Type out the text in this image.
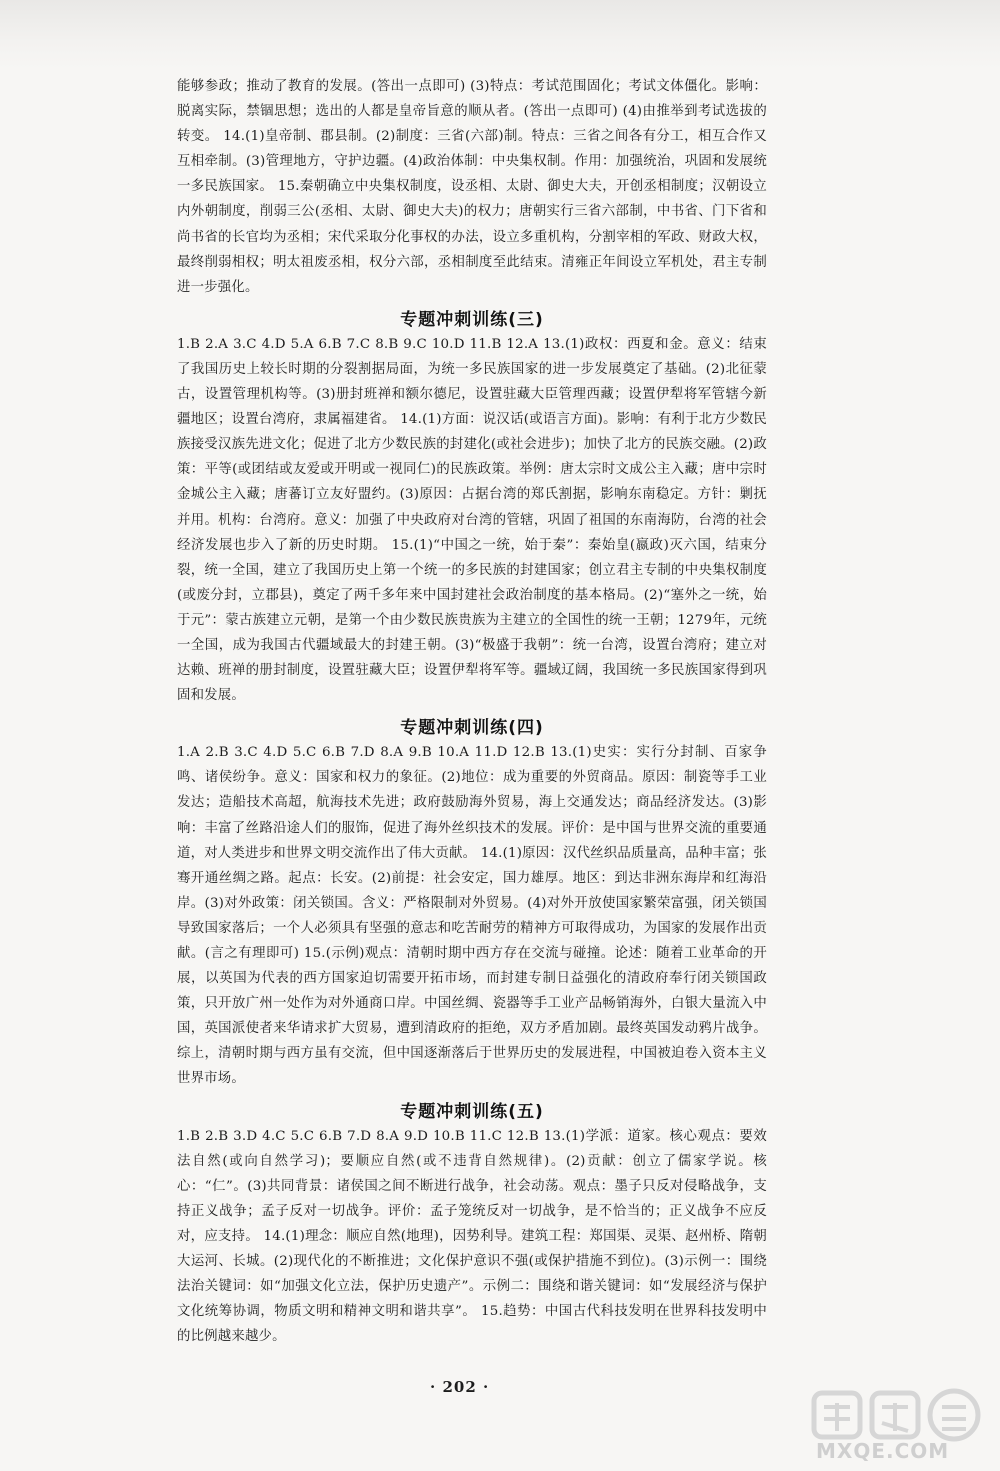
能够参政；推动了教育的发展。(答出一点即可) (3)特点：考试范围固化；考试文体僵化。影响：脱离实际，禁锢思想；选出的人都是皇帝旨意的顺从者。(答出一点即可) (4)由推举到考试选拔的转变。 14.(1)皇帝制、郡县制。(2)制度：三省(六部)制。特点：三省之间各有分工，相互合作又互相牵制。(3)管理地方，守护边疆。(4)政治体制：中央集权制。作用：加强统治，巩固和发展统一多民族国家。 15.秦朝确立中央集权制度，设丞相、太尉、御史大夫，开创丞相制度；汉朝设立内外朝制度，削弱三公(丞相、太尉、御史大夫)的权力；唐朝实行三省六部制，中书省、门下省和尚书省的长官均为丞相；宋代采取分化事权的办法，设立多重机构，分割宰相的军政、财政大权，最终削弱相权；明太祖废丞相，权分六部，丞相制度至此结束。清雍正年间设立军机处，君主专制进一步强化。

专题冲刺训练(三)

1.B 2.A 3.C 4.D 5.A 6.B 7.C 8.B 9.C 10.D 11.B 12.A 13.(1)政权：西夏和金。意义：结束了我国历史上较长时期的分裂割据局面，为统一多民族国家的进一步发展奠定了基础。(2)北征蒙古，设置管理机构等。(3)册封班禅和额尔德尼，设置驻藏大臣管理西藏；设置伊犁将军管辖今新疆地区；设置台湾府，隶属福建省。 14.(1)方面：说汉话(或语言方面)。影响：有利于北方少数民族接受汉族先进文化；促进了北方少数民族的封建化(或社会进步)；加快了北方的民族交融。(2)政策：平等(或团结或友爱或开明或一视同仁)的民族政策。举例：唐太宗时文成公主入藏；唐中宗时金城公主入藏；唐蕃订立友好盟约。(3)原因：占据台湾的郑氏割据，影响东南稳定。方针：剿抚并用。机构：台湾府。意义：加强了中央政府对台湾的管辖，巩固了祖国的东南海防，台湾的社会经济发展也步入了新的历史时期。 15.(1)“中国之一统，始于秦”：秦始皇(嬴政)灭六国，结束分裂，统一全国，建立了我国历史上第一个统一的多民族的封建国家；创立君主专制的中央集权制度(或废分封，立郡县)，奠定了两千多年来中国封建社会政治制度的基本格局。(2)“塞外之一统，始于元”：蒙古族建立元朝，是第一个由少数民族贵族为主建立的全国性的统一王朝；1279年，元统一全国，成为我国古代疆域最大的封建王朝。(3)“极盛于我朝”：统一台湾，设置台湾府；建立对达赖、班禅的册封制度，设置驻藏大臣；设置伊犁将军等。疆域辽阔，我国统一多民族国家得到巩固和发展。

专题冲刺训练(四)

1.A 2.B 3.C 4.D 5.C 6.B 7.D 8.A 9.B 10.A 11.D 12.B 13.(1)史实：实行分封制、百家争鸣、诸侯纷争。意义：国家和权力的象征。(2)地位：成为重要的外贸商品。原因：制瓷等手工业发达；造船技术高超，航海技术先进；政府鼓励海外贸易，海上交通发达；商品经济发达。(3)影响：丰富了丝路沿途人们的服饰，促进了海外丝织技术的发展。评价：是中国与世界交流的重要通道，对人类进步和世界文明交流作出了伟大贡献。 14.(1)原因：汉代丝织品质量高，品种丰富；张骞开通丝绸之路。起点：长安。(2)前提：社会安定，国力雄厚。地区：到达非洲东海岸和红海沿岸。(3)对外政策：闭关锁国。含义：严格限制对外贸易。(4)对外开放使国家繁荣富强，闭关锁国导致国家落后；一个人必须具有坚强的意志和吃苦耐劳的精神方可取得成功，为国家的发展作出贡献。(言之有理即可) 15.(示例)观点：清朝时期中西方存在交流与碰撞。论述：随着工业革命的开展，以英国为代表的西方国家迫切需要开拓市场，而封建专制日益强化的清政府奉行闭关锁国政策，只开放广州一处作为对外通商口岸。中国丝绸、瓷器等手工业产品畅销海外，白银大量流入中国，英国派使者来华请求扩大贸易，遭到清政府的拒绝，双方矛盾加剧。最终英国发动鸦片战争。综上，清朝时期与西方虽有交流，但中国逐渐落后于世界历史的发展进程，中国被迫卷入资本主义世界市场。

专题冲刺训练(五)

1.B 2.B 3.D 4.C 5.C 6.B 7.D 8.A 9.D 10.B 11.C 12.B 13.(1)学派：道家。核心观点：要效法自然(或向自然学习)；要顺应自然(或不违背自然规律)。(2)贡献：创立了儒家学说。核心：“仁”。(3)共同背景：诸侯国之间不断进行战争，社会动荡。观点：墨子只反对侵略战争，支持正义战争；孟子反对一切战争。评价：孟子笼统反对一切战争，是不恰当的；正义战争不应反对，应支持。 14.(1)理念：顺应自然(地理)，因势利导。建筑工程：郑国渠、灵渠、赵州桥、隋朝大运河、长城。(2)现代化的不断推进；文化保护意识不强(或保护措施不到位)。(3)示例一：围绕法治关键词：如“加强文化立法，保护历史遗产”。示例二：围绕和谐关键词：如“发展经济与保护文化统筹协调，物质文明和精神文明和谐共享”。 15.趋势：中国古代科技发明在世界科技发明中的比例越来越少。

· 202 ·
MXQE.COM
